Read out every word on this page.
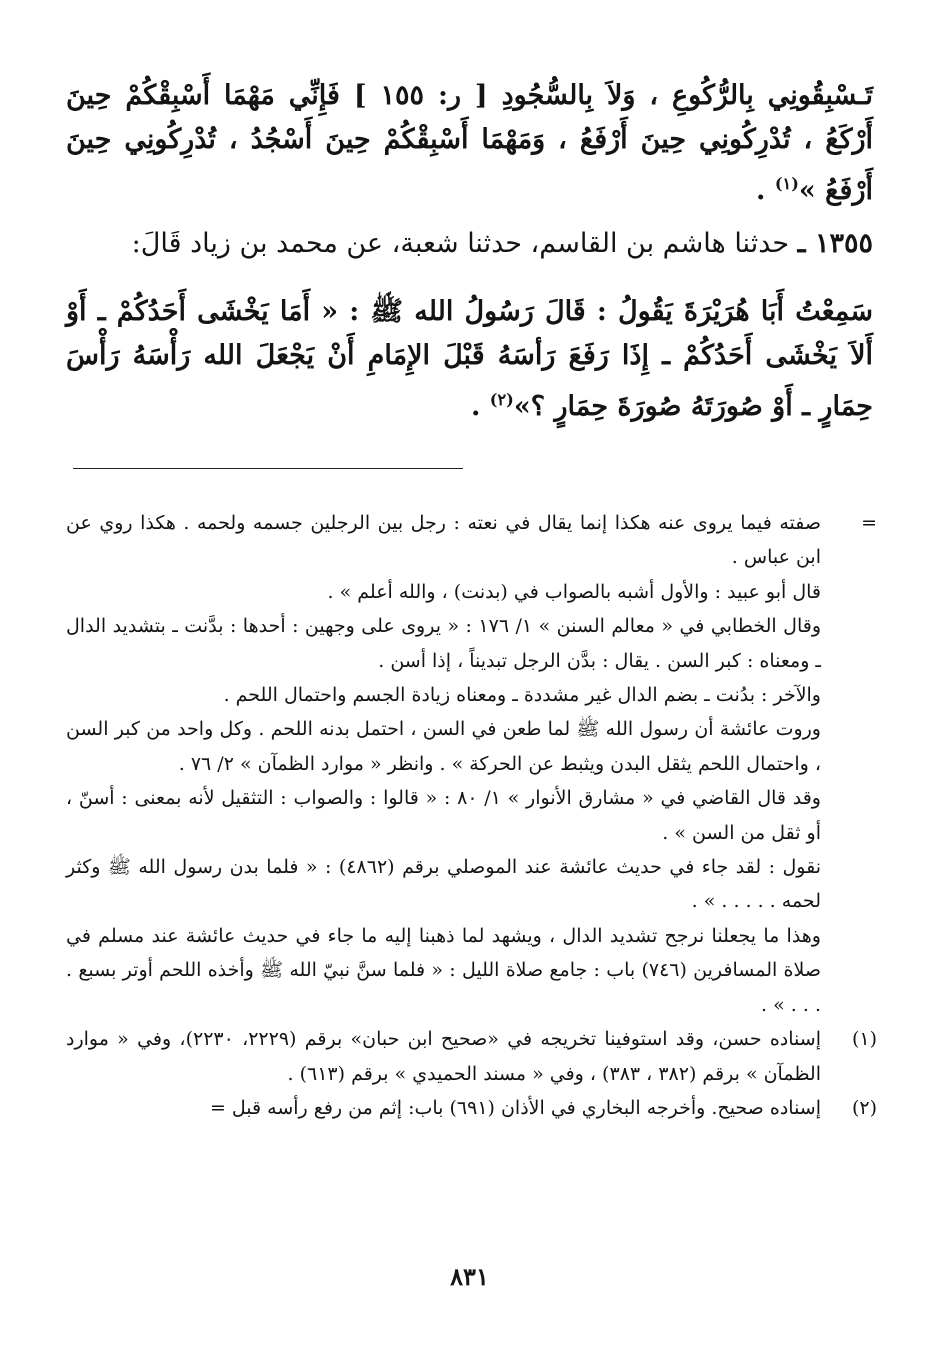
تَـسْبِقُونِي بِالرُّكُوعِ ، وَلاَ بِالسُّجُودِ [ ر: ١٥٥ ] فَإِنِّي مَهْمَا أَسْبِقْكُمْ حِينَ أَرْكَعُ ، تُدْرِكُونِي حِينَ أَرْفَعُ ، وَمَهْمَا أَسْبِقْكُمْ حِينَ أَسْجُدُ ، تُدْرِكُونِي حِينَ أَرْفَعُ »$^{(١)}$ .

١٣٥٥ ـ حدثنا هاشم بن القاسم، حدثنا شعبة، عن محمد بن زياد قَالَ:

سَمِعْتُ أَبَا هُرَيْرَةَ يَقُولُ : قَالَ رَسُولُ الله ﷺ : « أَمَا يَخْشَى أَحَدُكُمْ ـ أَوْ أَلاَ يَخْشَى أَحَدُكُمْ ـ إِذَا رَفَعَ رَأسَهُ قَبْلَ الإِمَامِ أَنْ يَجْعَلَ الله رَأْسَهُ رَأْسَ حِمَارٍ ـ أَوْ صُورَتَهُ صُورَةَ حِمَارٍ ؟»$^{(٢)}$ .

=

صفته فيما يروى عنه هكذا إنما يقال في نعته : رجل بين الرجلين جسمه ولحمه . هكذا روي عن ابن عباس .

قال أبو عبيد : والأول أشبه بالصواب في (بدنت) ، والله أعلم » .

وقال الخطابي في « معالم السنن » ١/ ١٧٦ : « يروى على وجهين : أحدها : بدَّنت ـ بتشديد الدال ـ ومعناه : كبر السن . يقال : بدَّن الرجل تبديناً ، إذا أسن .

والآخر : بدُنت ـ بضم الدال غير مشددة ـ ومعناه زيادة الجسم واحتمال اللحم .

وروت عائشة أن رسول الله ﷺ لما طعن في السن ، احتمل بدنه اللحم . وكل واحد من كبر السن ، واحتمال اللحم يثقل البدن ويثبط عن الحركة » . وانظر « موارد الظمآن » ٢/ ٧٦ .

وقد قال القاضي في « مشارق الأنوار » ١/ ٨٠ : « قالوا : والصواب : التثقيل لأنه بمعنى : أسنّ ، أو ثقل من السن » .

نقول : لقد جاء في حديث عائشة عند الموصلي برقم (٤٨٦٢) : « فلما بدن رسول الله ﷺ وكثر لحمه . . . . . » .

وهذا ما يجعلنا نرجح تشديد الدال ، ويشهد لما ذهبنا إليه ما جاء في حديث عائشة عند مسلم في صلاة المسافرين (٧٤٦) باب : جامع صلاة الليل : « فلما سنَّ نبيّ الله ﷺ وأخذه اللحم أوتر بسبع . . . . » .

(١)

إسناده حسن، وقد استوفينا تخريجه في «صحيح ابن حبان» برقم (٢٢٢٩، ٢٢٣٠)، وفي « موارد الظمآن » برقم (٣٨٢ ، ٣٨٣) ، وفي « مسند الحميدي » برقم (٦١٣) .

(٢)

إسناده صحيح. وأخرجه البخاري في الأذان (٦٩١) باب: إثم من رفع رأسه قبل =

٨٣١
